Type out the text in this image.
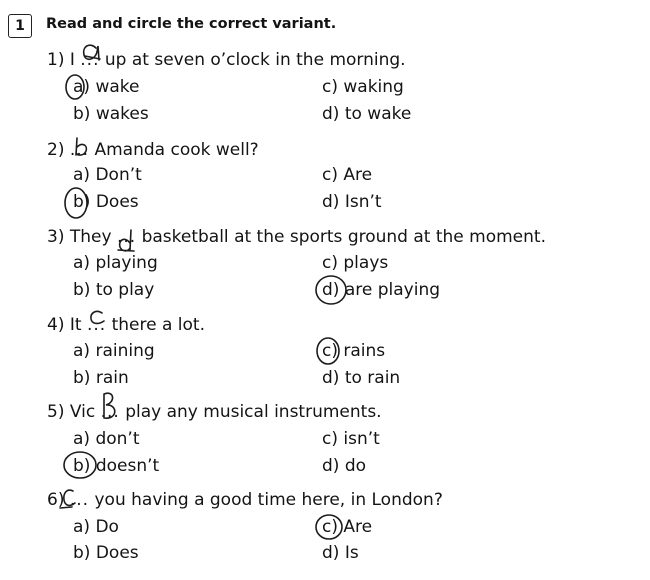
1	Read and circle the correct variant.
1) I ... up at seven o’clock in the morning.
a) wake
b) wakes
c) waking
d) to wake
2) ... Amanda cook well?
a) Don’t
b) Does
c) Are
d) Isn’t
3) They ... basketball at the sports ground at the moment.
a) playing
b) to play
c) plays
d) are playing
4) It ... there a lot.
a) raining
b) rain
c) rains
d) to rain
5) Vic ... play any musical instruments.
a) don’t
b) doesn’t
c) isn’t
d) do
6) ... you having a good time here, in London?
a) Do
b) Does
c) Are
d) Is
